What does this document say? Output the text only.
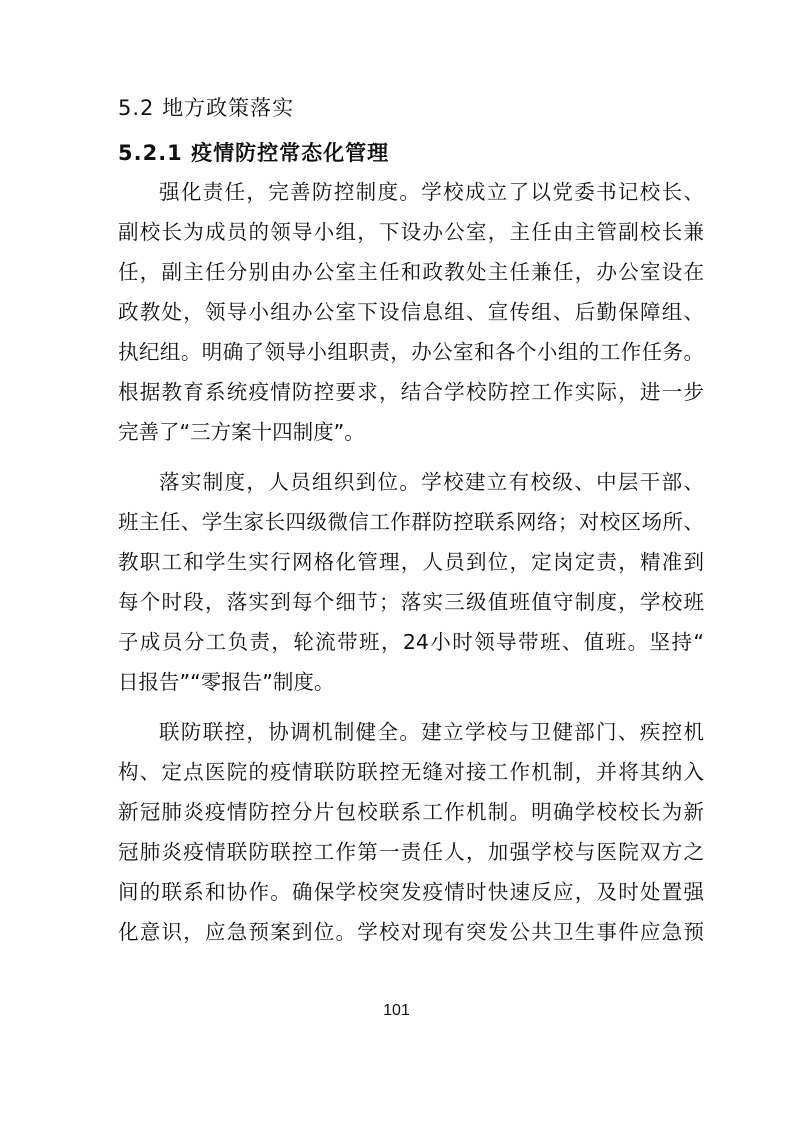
5.2 地方政策落实
5.2.1 疫情防控常态化管理
强化责任，完善防控制度。学校成立了以党委书记校长、
副校长为成员的领导小组，下设办公室，主任由主管副校长兼
任，副主任分别由办公室主任和政教处主任兼任，办公室设在
政教处，领导小组办公室下设信息组、宣传组、后勤保障组、
执纪组。明确了领导小组职责，办公室和各个小组的工作任务。
根据教育系统疫情防控要求，结合学校防控工作实际，进一步
完善了“三方案十四制度”。
落实制度，人员组织到位。学校建立有校级、中层干部、
班主任、学生家长四级微信工作群防控联系网络；对校区场所、
教职工和学生实行网格化管理，人员到位，定岗定责，精准到
每个时段，落实到每个细节；落实三级值班值守制度，学校班
子成员分工负责，轮流带班，24小时领导带班、值班。坚持“
日报告”“零报告”制度。
联防联控，协调机制健全。建立学校与卫健部门、疾控机
构、定点医院的疫情联防联控无缝对接工作机制，并将其纳入
新冠肺炎疫情防控分片包校联系工作机制。明确学校校长为新
冠肺炎疫情联防联控工作第一责任人，加强学校与医院双方之
间的联系和协作。确保学校突发疫情时快速反应，及时处置强
化意识，应急预案到位。学校对现有突发公共卫生事件应急预
101
